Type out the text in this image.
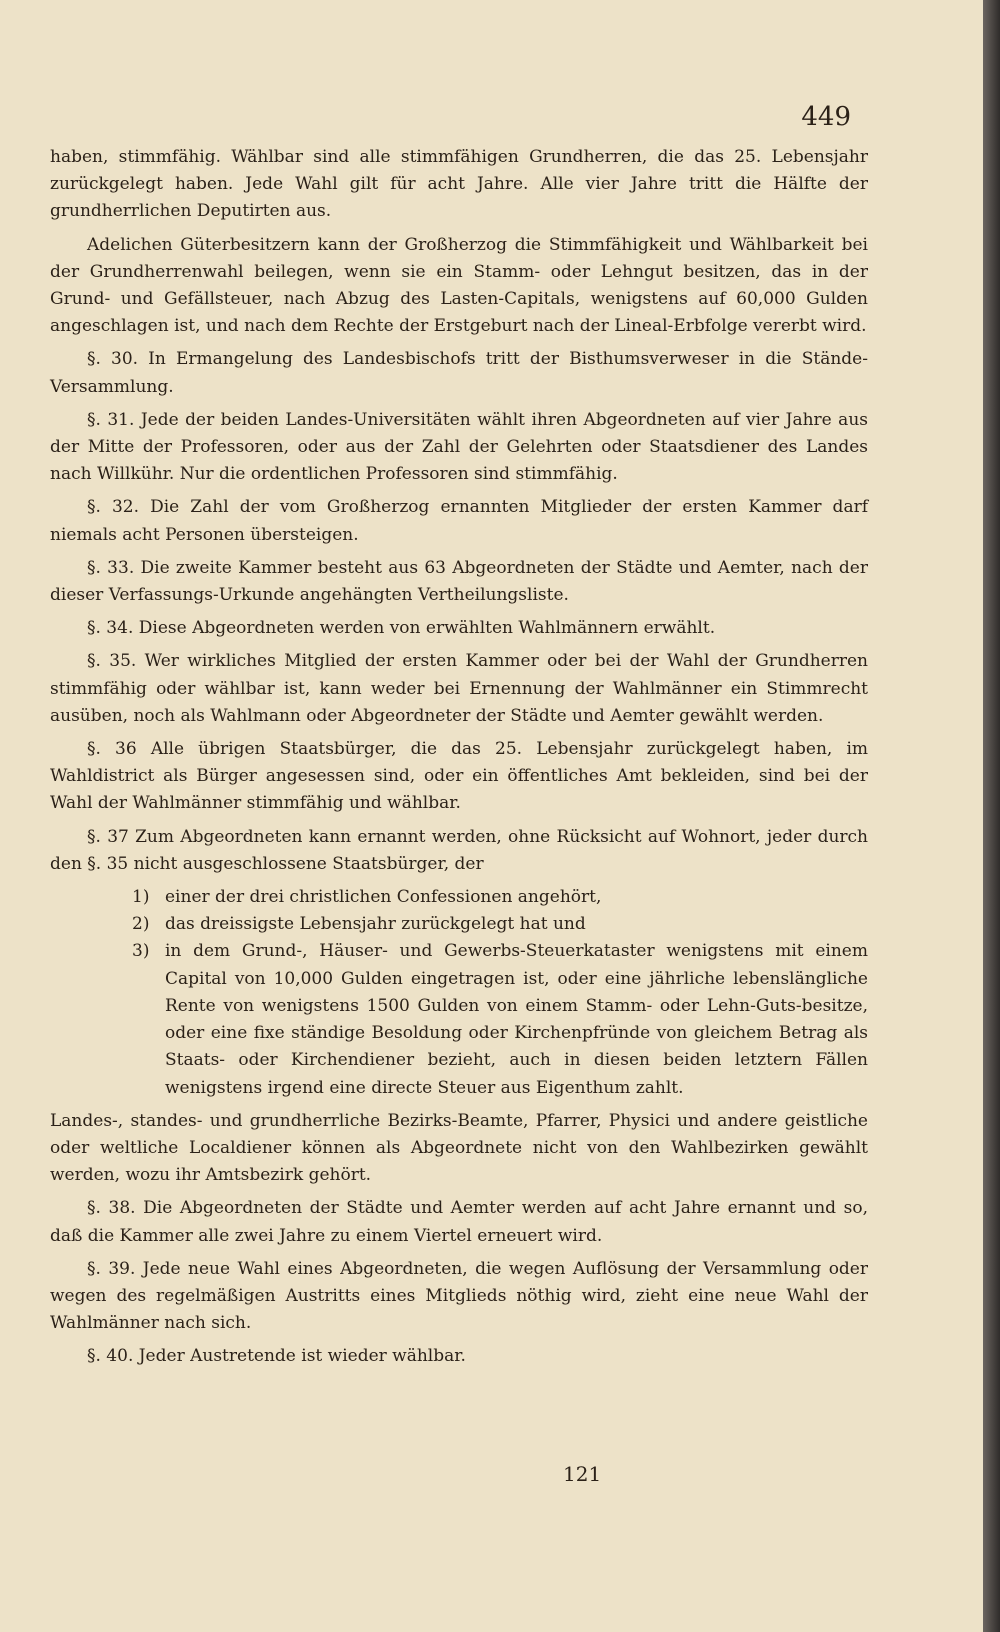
449

haben, stimmfähig. Wählbar sind alle stimmfähigen Grundherren, die das 25. Lebensjahr zurückgelegt haben. Jede Wahl gilt für acht Jahre. Alle vier Jahre tritt die Hälfte der grundherrlichen Deputirten aus.

Adelichen Güterbesitzern kann der Großherzog die Stimmfähigkeit und Wählbarkeit bei der Grundherrenwahl beilegen, wenn sie ein Stamm- oder Lehngut besitzen, das in der Grund- und Gefällsteuer, nach Abzug des Lasten-Capitals, wenigstens auf 60,000 Gulden angeschlagen ist, und nach dem Rechte der Erstgeburt nach der Lineal-Erbfolge vererbt wird.

§. 30. In Ermangelung des Landesbischofs tritt der Bisthumsverweser in die Stände-Versammlung.

§. 31. Jede der beiden Landes-Universitäten wählt ihren Abgeordneten auf vier Jahre aus der Mitte der Professoren, oder aus der Zahl der Gelehrten oder Staatsdiener des Landes nach Willkühr. Nur die ordentlichen Professoren sind stimmfähig.

§. 32. Die Zahl der vom Großherzog ernannten Mitglieder der ersten Kammer darf niemals acht Personen übersteigen.

§. 33. Die zweite Kammer besteht aus 63 Abgeordneten der Städte und Aemter, nach der dieser Verfassungs-Urkunde angehängten Vertheilungsliste.

§. 34. Diese Abgeordneten werden von erwählten Wahlmännern erwählt.

§. 35. Wer wirkliches Mitglied der ersten Kammer oder bei der Wahl der Grundherren stimmfähig oder wählbar ist, kann weder bei Ernennung der Wahlmänner ein Stimmrecht ausüben, noch als Wahlmann oder Abgeordneter der Städte und Aemter gewählt werden.

§. 36 Alle übrigen Staatsbürger, die das 25. Lebensjahr zurückgelegt haben, im Wahldistrict als Bürger angesessen sind, oder ein öffentliches Amt bekleiden, sind bei der Wahl der Wahlmänner stimmfähig und wählbar.

§. 37 Zum Abgeordneten kann ernannt werden, ohne Rücksicht auf Wohnort, jeder durch den §. 35 nicht ausgeschlossene Staatsbürger, der

1) einer der drei christlichen Confessionen angehört,
2) das dreissigste Lebensjahr zurückgelegt hat und
3) in dem Grund-, Häuser- und Gewerbs-Steuerkataster wenigstens mit einem Capital von 10,000 Gulden eingetragen ist, oder eine jährliche lebenslängliche Rente von wenigstens 1500 Gulden von einem Stamm- oder Lehn-Guts-besitze, oder eine fixe ständige Besoldung oder Kirchenpfründe von gleichem Betrag als Staats- oder Kirchendiener bezieht, auch in diesen beiden letztern Fällen wenigstens irgend eine directe Steuer aus Eigenthum zahlt.

Landes-, standes- und grundherrliche Bezirks-Beamte, Pfarrer, Physici und andere geistliche oder weltliche Localdiener können als Abgeordnete nicht von den Wahlbezirken gewählt werden, wozu ihr Amtsbezirk gehört.

§. 38. Die Abgeordneten der Städte und Aemter werden auf acht Jahre ernannt und so, daß die Kammer alle zwei Jahre zu einem Viertel erneuert wird.

§. 39. Jede neue Wahl eines Abgeordneten, die wegen Auflösung der Versammlung oder wegen des regelmäßigen Austritts eines Mitglieds nöthig wird, zieht eine neue Wahl der Wahlmänner nach sich.

§. 40. Jeder Austretende ist wieder wählbar.

121
